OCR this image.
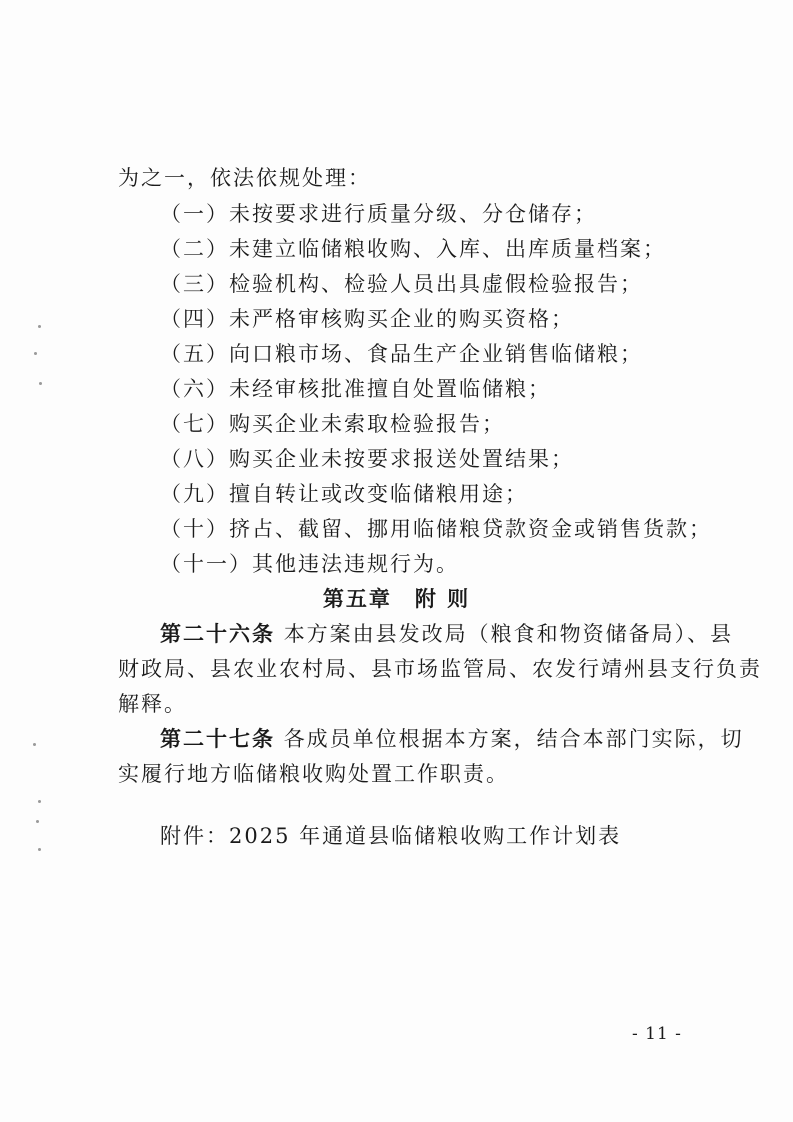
为之一，依法依规处理：
（一）未按要求进行质量分级、分仓储存；
（二）未建立临储粮收购、入库、出库质量档案；
（三）检验机构、检验人员出具虚假检验报告；
（四）未严格审核购买企业的购买资格；
（五）向口粮市场、食品生产企业销售临储粮；
（六）未经审核批准擅自处置临储粮；
（七）购买企业未索取检验报告；
（八）购买企业未按要求报送处置结果；
（九）擅自转让或改变临储粮用途；
（十）挤占、截留、挪用临储粮贷款资金或销售货款；
（十一）其他违法违规行为。
第五章　附 则
第二十六条 本方案由县发改局（粮食和物资储备局）、县
财政局、县农业农村局、县市场监管局、农发行靖州县支行负责
解释。
第二十七条 各成员单位根据本方案，结合本部门实际，切
实履行地方临储粮收购处置工作职责。
附件：2025 年通道县临储粮收购工作计划表
- 11 -
